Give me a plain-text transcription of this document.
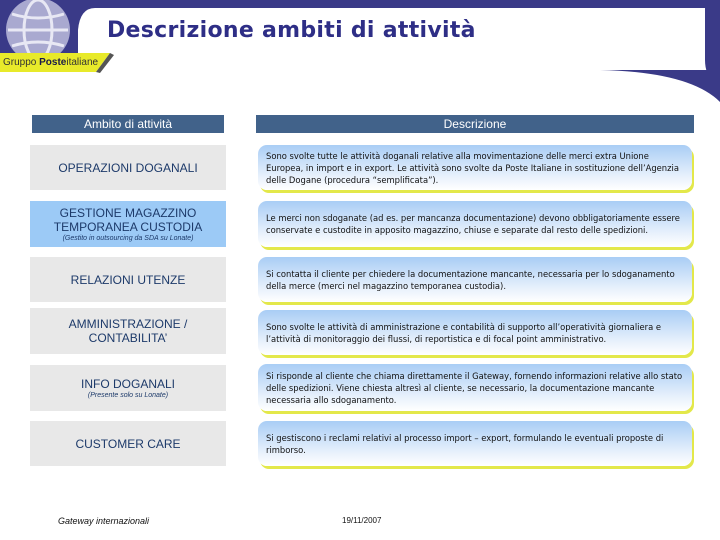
Descrizione ambiti di attività
Gruppo Posteitaliane
Ambito di attività	Descrizione
OPERAZIONI DOGANALI
GESTIONE MAGAZZINO TEMPORANEA CUSTODIA
(Gestito in outsourcing da SDA su Lonate)
RELAZIONI UTENZE
AMMINISTRAZIONE / CONTABILITA’
INFO DOGANALI
(Presente solo su Lonate)
CUSTOMER CARE
Sono svolte tutte le attività doganali relative alla movimentazione delle merci extra Unione Europea, in import e in export. Le attività sono svolte da Poste Italiane in sostituzione dell’Agenzia delle Dogane (procedura “semplificata”).
Le merci non sdoganate (ad es. per mancanza documentazione) devono obbligatoriamente essere conservate e custodite in apposito magazzino, chiuse e separate dal resto delle spedizioni.
Si contatta il cliente per chiedere la documentazione mancante, necessaria per lo sdoganamento della merce (merci nel magazzino temporanea custodia).
Sono svolte le attività di amministrazione e contabilità di supporto all’operatività giornaliera e l’attività di monitoraggio dei flussi, di reportistica e di focal point amministrativo.
Si risponde al cliente che chiama direttamente il Gateway, fornendo informazioni relative allo stato delle spedizioni. Viene chiesta altresì al cliente, se necessario, la documentazione mancante necessaria allo sdoganamento.
Si gestiscono i reclami relativi al processo import – export, formulando le eventuali proposte di rimborso.
Gateway internazionali	19/11/2007
